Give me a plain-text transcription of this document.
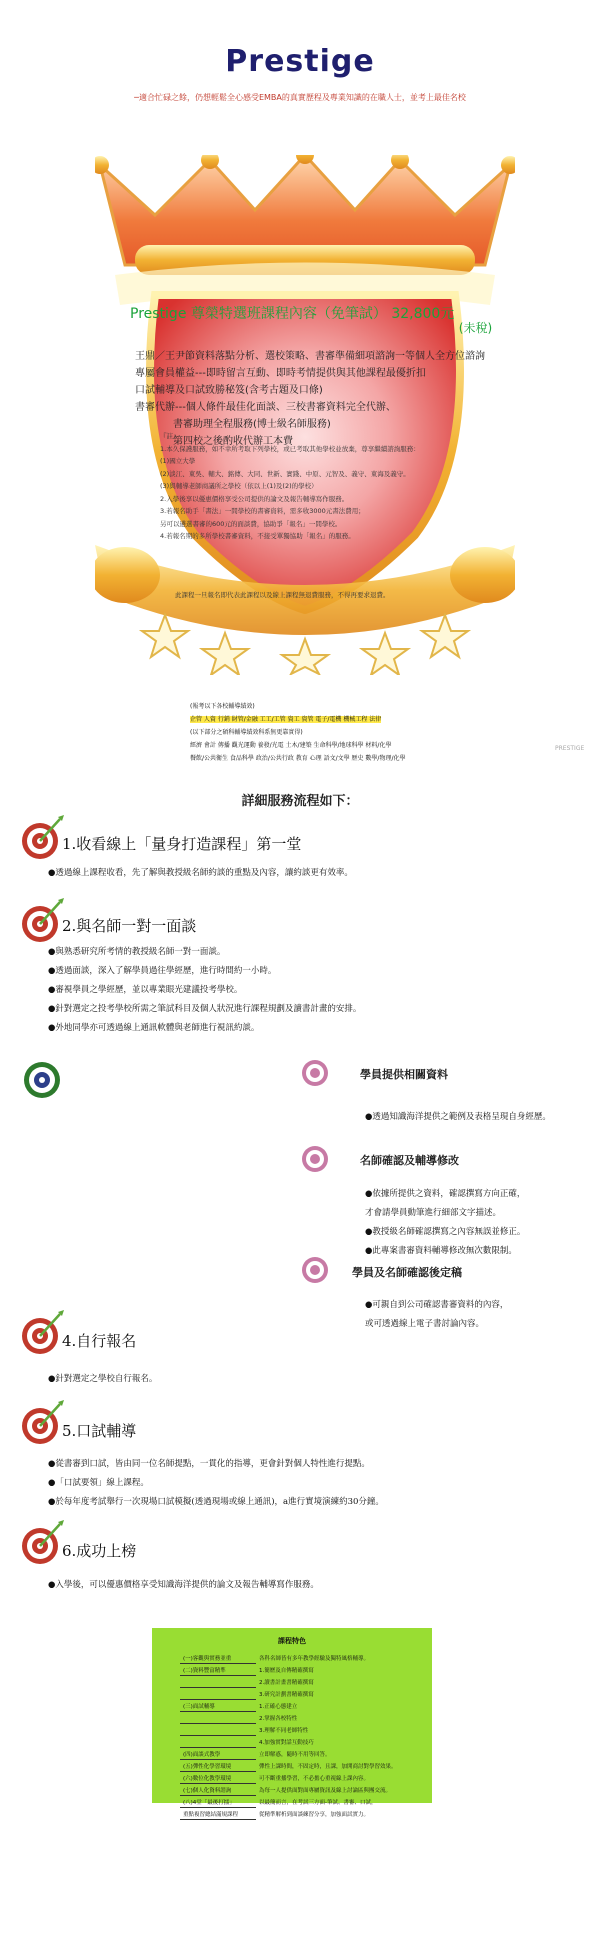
Prestige
─適合忙碌之餘，仍想輕鬆全心感受EMBA的真實歷程及專業知識的在職人士，並考上最佳名校
Prestige 尊榮特選班課程內容（免筆試） 32,800元 (未稅)
王鼎／王尹節資料落點分析、選校策略、書審準備細項諮詢一等個人全方位諮詢
專屬會員權益---即時留言互動、即時考情提供與其他課程最優折扣
口試輔導及口試致勝秘笈(含考古題及口條)
書審代辦---個人條件最佳化面談、三校書審資料完全代辦、
書審助理全程服務(博士級名師服務)
第四校之後酌收代辦工本費
『註』
1.本久保護服務，如不幸所考取下列學校，或已考取其他學校並放棄，尊享繼續諮詢服務：
(1)國立大學
(2)淡江、東吳、輔大、銘傳、大同、世新、實踐、中原、元智及、義守、東海及義守。
(3)與輔導老師商議所之學校（依以上(1)及(2)的學校）
2.入學後享以優惠價格享受公司提供的論文及報告輔導寫作服務。
3.若報名助手「書法」一間學校的書審資料，需多收3000元書法費用；
另可以遴選書審的600元的面談費，協助爭「報名」一間學校。
4.若報名期的多所學校書審資料，不接受單獨協助「報名」的服務。
此課程一旦報名即代表此課程以及線上課程無退費服務，不得再要求退費。
(報考以下各校輔導績效)
企管 人資 行銷 財管/金融 工工/工管 資工 資管 電子/電機 機械工程 法律
(以下部分之碩科輔導績效科系無更靠實得)
經濟 會計 傳播 觀光運動 養發/光電 土木/建築 生命科學/地球科學 材料/化學
餐飲/公共衛生 食品科學 政治/公共行政 教育 心理 語文/文學 歷史 數學/物理/化學
PRESTIGE
詳細服務流程如下：
1.收看線上「量身打造課程」第一堂
●透過線上課程收看，先了解與教授級名師約談的重點及內容，讓約談更有效率。
2.與名師一對一面談
●與熟悉研究所考情的教授級名師一對一面談。
●透過面談，深入了解學員過往學經歷，進行時間約一小時。
●審視學員之學經歷，並以專業眼光建議投考學校。
●針對選定之投考學校所需之筆試科目及個人狀況進行課程規劃及讀書計畫的安排。
●外地同學亦可透過線上通訊軟體與老師進行視訊約談。
學員提供相關資料
●透過知識海洋提供之範例及表格呈現自身經歷。
名師確認及輔導修改
●依據所提供之資料，確認撰寫方向正確，
才會請學員動筆進行細部文字描述。
●教授級名師確認撰寫之內容無誤並修正。
●此專案書審資料輔導修改無次數限制。
學員及名師確認後定稿
●可親自到公司確認書審資料的內容，
或可透過線上電子書討論內容。
4.自行報名
●針對選定之學校自行報名。
5.口試輔導
●從書審到口試，皆由同一位名師提點，一貫化的指導，更會針對個人特性進行提點。
●「口試要領」線上課程。
●於每年度考試舉行一次現場口試模擬(透過現場或線上通訊)，a進行實境演練約30分鐘。
6.成功上榜
●入學後，可以優惠價格享受知識海洋提供的論文及報告輔導寫作服務。
課程特色
(一)客觀與實務並重	各科名師皆有多年教學經驗及獨特風格輔導。
(二)資料豐富精準	1.簡歷及自傳精確撰寫
	2.讀書計畫書精確撰寫
	3.研究計劃書精確撰寫
(三)面試輔導	1.正確心態建立
	2.掌握各校特性
	3.理解不同老師特性
	4.加強實對話互動技巧
(四)面談式教學	立即解惑，隨時不用等回答。
(五)彈性化學習環境	彈性上課時間，不固定時，且課，加開商討對學習效果。
(六)數位化教學環境	可不斷重播學習，不必擔心重視線上課內容。
(七)個人化資料諮詢	為每一人提供面對面專屬資訊及線上討論區與團交流。
(八)4堂「最後打擂」	以最簡而言，在考試三方面-筆試、書審、口試，
重點複習總結滿規課程	從精準解析到面談練習分享，加強面試實力。
